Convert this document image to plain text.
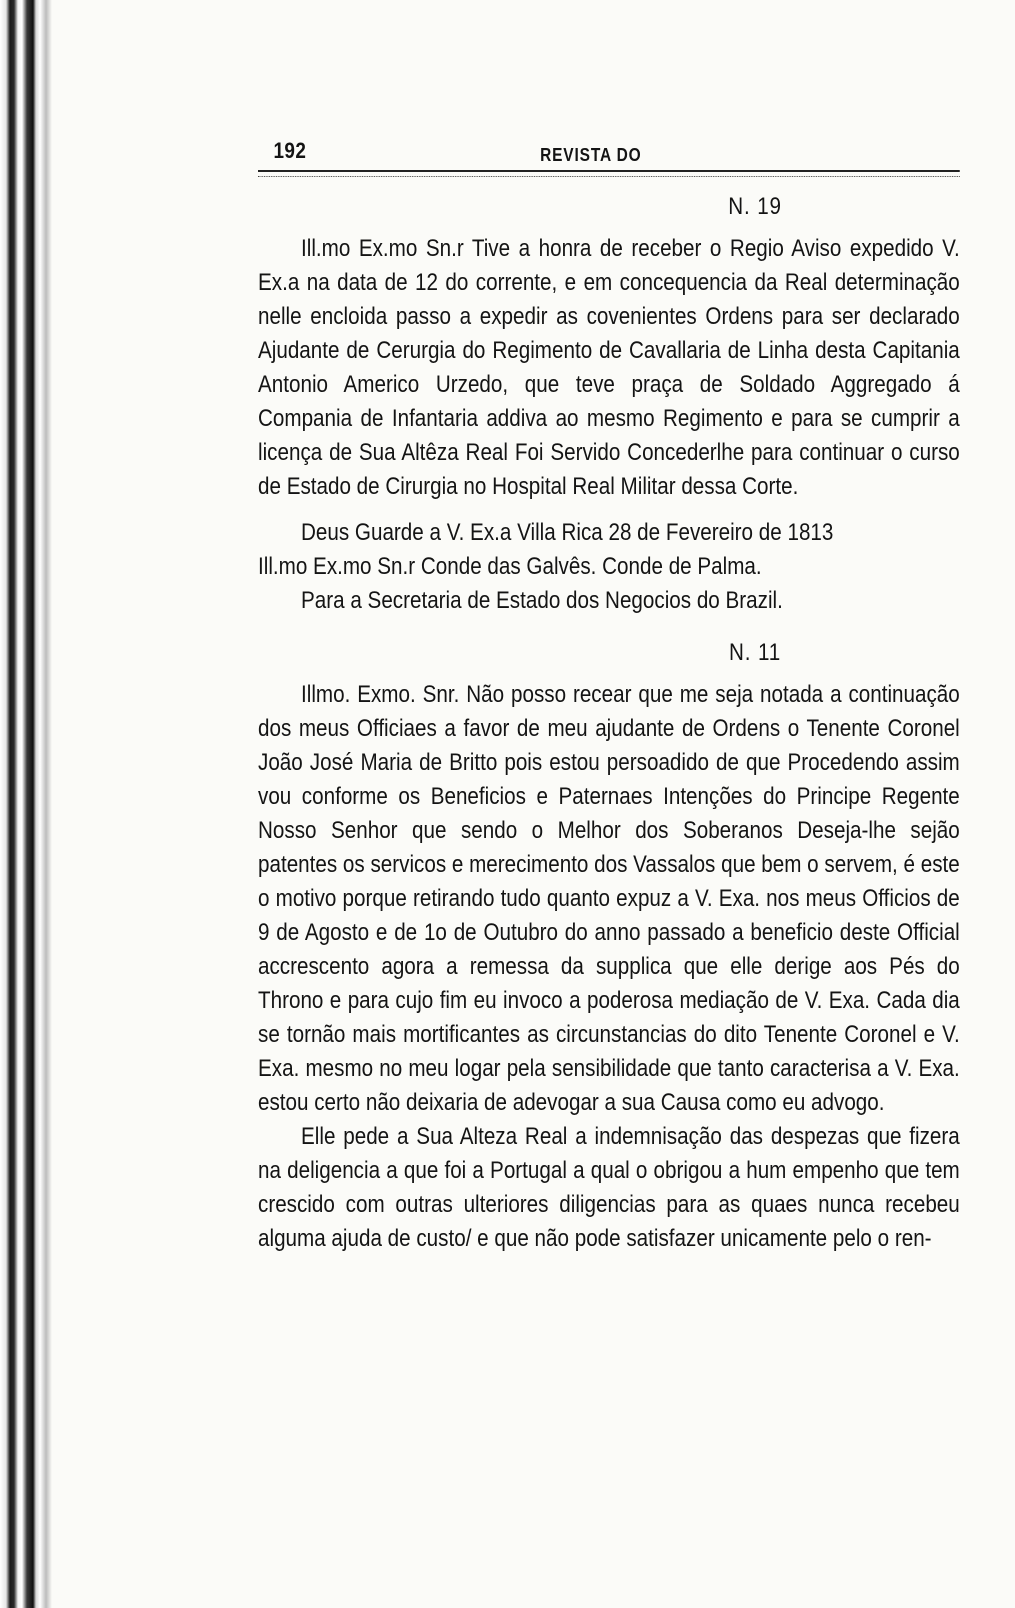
192	REVISTA DO
N. 19

Ill.mo Ex.mo Sn.r Tive a honra de receber o Regio Aviso expedido V. Ex.a na data de 12 do corrente, e em concequencia da Real determinação nelle encloida passo a expedir as covenientes Ordens para ser declarado Ajudante de Cerurgia do Regimento de Cavallaria de Linha desta Capitania Antonio Americo Urzedo, que teve praça de Soldado Aggregado á Compania de Infantaria addiva ao mesmo Regimento e para se cumprir a licença de Sua Altêza Real Foi Servido Concederlhe para continuar o curso de Estado de Cirurgia no Hospital Real Militar dessa Corte.

Deus Guarde a V. Ex.a Villa Rica 28 de Fevereiro de 1813

Ill.mo Ex.mo Sn.r Conde das Galvês. Conde de Palma.

Para a Secretaria de Estado dos Negocios do Brazil.

N. 11

Illmo. Exmo. Snr. Não posso recear que me seja notada a continuação dos meus Officiaes a favor de meu ajudante de Ordens o Tenente Coronel João José Maria de Britto pois estou persoadido de que Procedendo assim vou conforme os Beneficios e Paternaes Intenções do Principe Regente Nosso Senhor que sendo o Melhor dos Soberanos Deseja-lhe sejão patentes os servicos e merecimento dos Vassalos que bem o servem, é este o motivo porque retirando tudo quanto expuz a V. Exa. nos meus Officios de 9 de Agosto e de 1o de Outubro do anno passado a beneficio deste Official accrescento agora a remessa da supplica que elle derige aos Pés do Throno e para cujo fim eu invoco a poderosa mediação de V. Exa. Cada dia se tornão mais mortificantes as circunstancias do dito Tenente Coronel e V. Exa. mesmo no meu logar pela sensibilidade que tanto caracterisa a V. Exa. estou certo não deixaria de adevogar a sua Causa como eu advogo.

Elle pede a Sua Alteza Real a indemnisação das despezas que fizera na deligencia a que foi a Portugal a qual o obrigou a hum empenho que tem crescido com outras ulteriores diligencias para as quaes nunca recebeu alguma ajuda de custo/ e que não pode satisfazer unicamente pelo o ren-
